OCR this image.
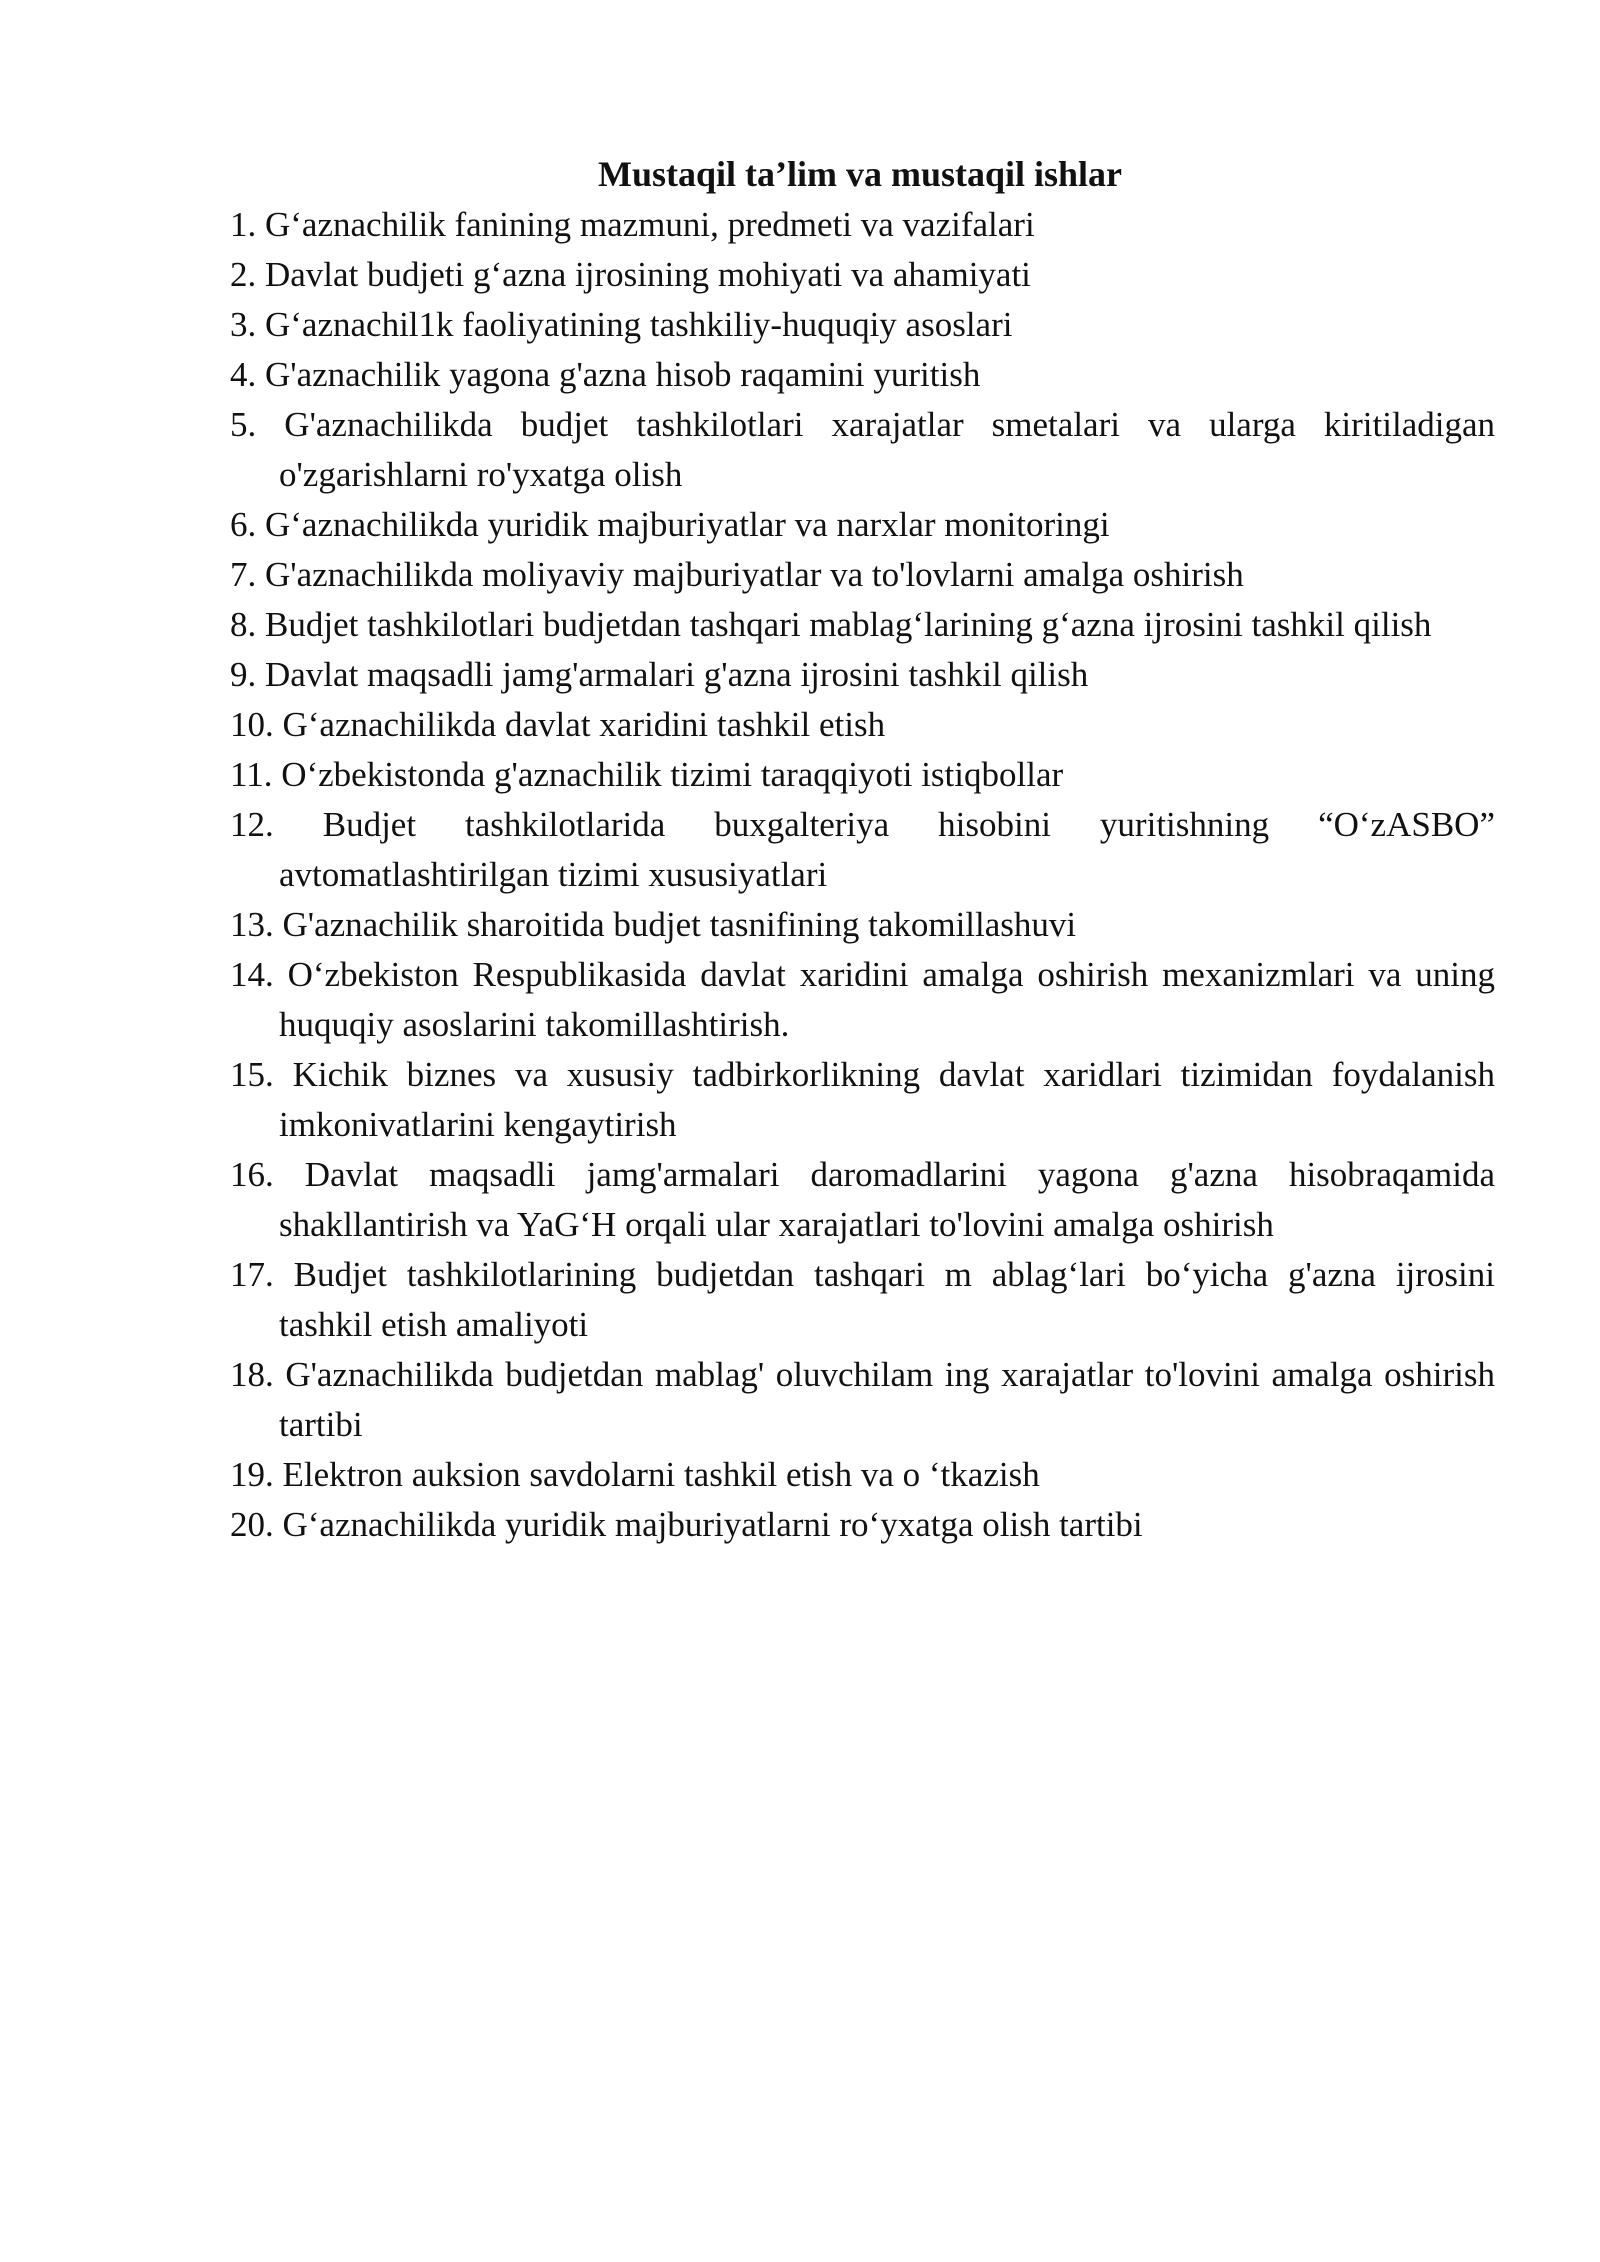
Mustaqil ta’lim va mustaqil ishlar
1. G‘aznachilik fanining mazmuni, predmeti va vazifalari
2. Davlat budjeti g‘azna ijrosining mohiyati va ahamiyati
3. G‘aznachil1k faoliyatining tashkiliy-huquqiy asoslari
4. G'aznachilik yagona g'azna hisob raqamini yuritish
5. G'aznachilikda budjet tashkilotlari xarajatlar smetalari va ularga kiritiladigan o'zgarishlarni ro'yxatga olish
6. G‘aznachilikda yuridik majburiyatlar va narxlar monitoringi
7. G'aznachilikda moliyaviy majburiyatlar va to'lovlarni amalga oshirish
8. Budjet tashkilotlari budjetdan tashqari mablag‘larining g‘azna ijrosini tashkil qilish
9. Davlat maqsadli jamg'armalari g'azna ijrosini tashkil qilish
10. G‘aznachilikda davlat xaridini tashkil etish
11. O‘zbekistonda g'aznachilik tizimi taraqqiyoti istiqbollar
12. Budjet tashkilotlarida buxgalteriya hisobini yuritishning “O‘zASBO” avtomatlashtirilgan tizimi xususiyatlari
13. G'aznachilik sharoitida budjet tasnifining takomillashuvi
14. O‘zbekiston Respublikasida davlat xaridini amalga oshirish mexanizmlari va uning huquqiy asoslarini takomillashtirish.
15. Kichik biznes va xususiy tadbirkorlikning davlat xaridlari tizimidan foydalanish imkonivatlarini kengaytirish
16. Davlat maqsadli jamg'armalari daromadlarini yagona g'azna hisobraqamida shakllantirish va YaG‘H orqali ular xarajatlari to'lovini amalga oshirish
17. Budjet tashkilotlarining budjetdan tashqari m ablag‘lari bo‘yicha g'azna ijrosini tashkil etish amaliyoti
18. G'aznachilikda budjetdan mablag' oluvchilam ing xarajatlar to'lovini amalga oshirish tartibi
19. Elektron auksion savdolarni tashkil etish va o ‘tkazish
20. G‘aznachilikda yuridik majburiyatlarni ro‘yxatga olish tartibi
